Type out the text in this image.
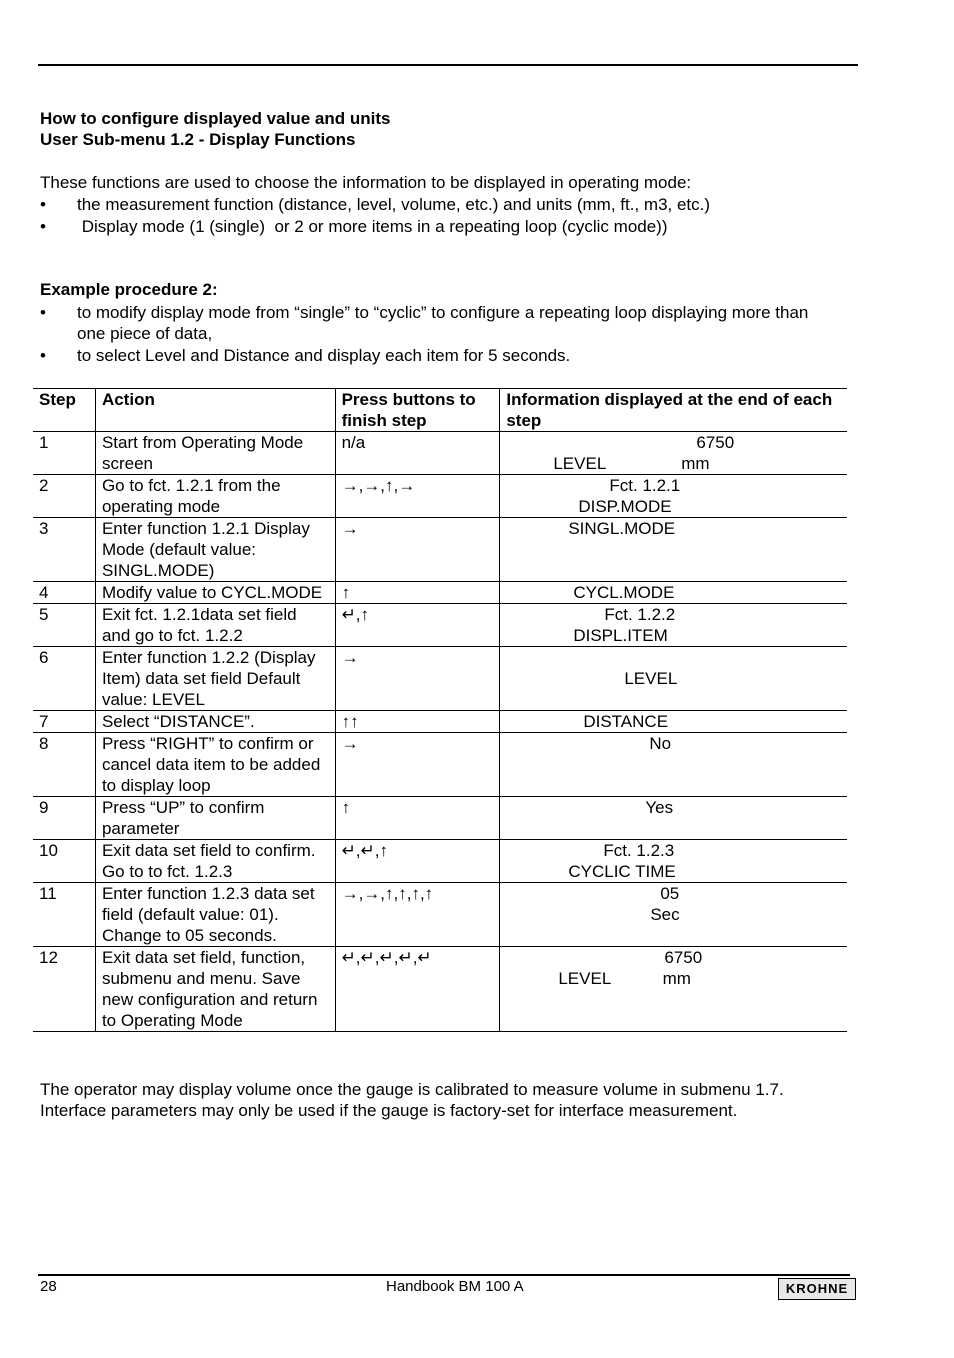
How to configure displayed value and units
User Sub-menu 1.2 - Display Functions
These functions are used to choose the information to be displayed in operating mode:
• the measurement function (distance, level, volume, etc.) and units (mm, ft., m3, etc.)
• Display mode (1 (single)  or 2 or more items in a repeating loop (cyclic mode))
Example procedure 2:
• to modify display mode from “single” to “cyclic” to configure a repeating loop displaying more than one piece of data,
• to select Level and Distance and display each item for 5 seconds.
Step	Action	Press buttons to finish step	Information displayed at the end of each step
1	Start from Operating Mode screen	n/a	6750
LEVEL                mm

2	Go to fct. 1.2.1 from the operating mode	→,→,↑,→	Fct. 1.2.1
DISP.MODE

3	Enter function 1.2.1 Display Mode (default value: SINGL.MODE)	→	SINGL.MODE

4	Modify value to CYCL.MODE	↑	CYCL.MODE

5	Exit fct. 1.2.1data set field and go to fct. 1.2.2	↵,↑	Fct. 1.2.2
DISPL.ITEM

6	Enter function 1.2.2 (Display Item) data set field Default value: LEVEL	→	LEVEL

7	Select “DISTANCE”.	↑↑	DISTANCE

8	Press “RIGHT” to confirm or cancel data item to be added to display loop	→	No

9	Press “UP” to confirm parameter	↑	Yes

10	Exit data set field to confirm. Go to to fct. 1.2.3	↵,↵,↑	Fct. 1.2.3
CYCLIC TIME

11	Enter function 1.2.3 data set field (default value: 01). Change to 05 seconds.	→,→,↑,↑,↑,↑	05
Sec

12	Exit data set field, function, submenu and menu. Save new configuration and return to Operating Mode	↵,↵,↵,↵,↵	6750
LEVEL           mm
The operator may display volume once the gauge is calibrated to measure volume in submenu 1.7. Interface parameters may only be used if the gauge is factory-set for interface measurement.
28	Handbook BM 100 A	KROHNE
